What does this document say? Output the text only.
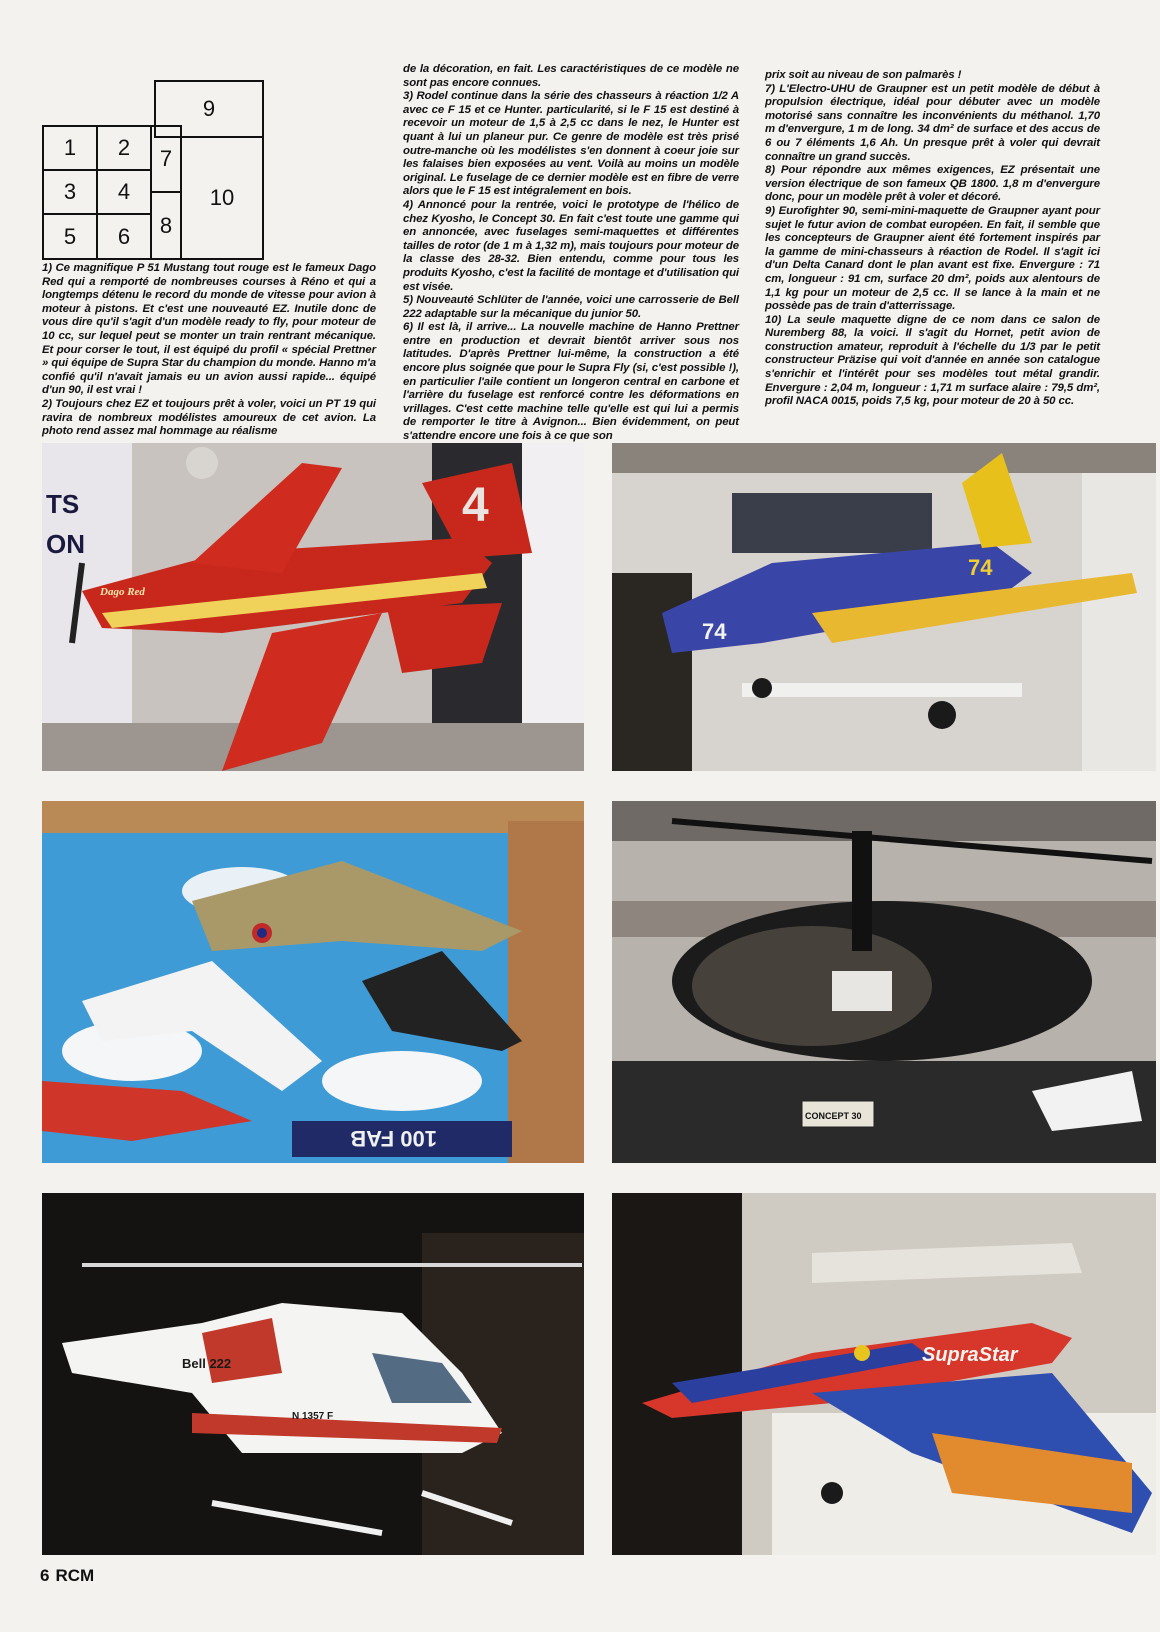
1	2
3	4
5	6
7
8
9
10

1) Ce magnifique P 51 Mustang tout rouge est le fameux Dago Red qui a remporté de nombreuses courses à Réno et qui a longtemps détenu le record du monde de vitesse pour avion à moteur à pistons. Et c'est une nouveauté EZ. Inutile donc de vous dire qu'il s'agit d'un modèle ready to fly, pour moteur de 10 cc, sur lequel peut se monter un train rentrant mécanique. Et pour corser le tout, il est équipé du profil « spécial Prettner » qui équipe de Supra Star du champion du monde. Hanno m'a confié qu'il n'avait jamais eu un avion aussi rapide... équipé d'un 90, il est vrai !

2) Toujours chez EZ et toujours prêt à voler, voici un PT 19 qui ravira de nombreux modélistes amoureux de cet avion. La photo rend assez mal hommage au réalisme

de la décoration, en fait. Les caractéristiques de ce modèle ne sont pas encore connues.

3) Rodel continue dans la série des chasseurs à réaction 1/2 A avec ce F 15 et ce Hunter. particularité, si le F 15 est destiné à recevoir un moteur de 1,5 à 2,5 cc dans le nez, le Hunter est quant à lui un planeur pur. Ce genre de modèle est très prisé outre-manche où les modélistes s'en donnent à coeur joie sur les falaises bien exposées au vent. Voilà au moins un modèle original. Le fuselage de ce dernier modèle est en fibre de verre alors que le F 15 est intégralement en bois.

4) Annoncé pour la rentrée, voici le prototype de l'hélico de chez Kyosho, le Concept 30. En fait c'est toute une gamme qui en annoncée, avec fuselages semi-maquettes et différentes tailles de rotor (de 1 m à 1,32 m), mais toujours pour moteur de la classe des 28-32. Bien entendu, comme pour tous les produits Kyosho, c'est la facilité de montage et d'utilisation qui est visée.

5) Nouveauté Schlüter de l'année, voici une carrosserie de Bell 222 adaptable sur la mécanique du junior 50.

6) Il est là, il arrive... La nouvelle machine de Hanno Prettner entre en production et devrait bientôt arriver sous nos latitudes. D'après Prettner lui-même, la construction a été encore plus soignée que pour le Supra Fly (si, c'est possible !), en particulier l'aile contient un longeron central en carbone et l'arrière du fuselage est renforcé contre les déformations en vrillages. C'est cette machine telle qu'elle est qui lui a permis de remporter le titre à Avignon... Bien évidemment, on peut s'attendre encore une fois à ce que son

prix soit au niveau de son palmarès !

7) L'Electro-UHU de Graupner est un petit modèle de début à propulsion électrique, idéal pour débuter avec un modèle motorisé sans connaître les inconvénients du méthanol. 1,70 m d'envergure, 1 m de long. 34 dm² de surface et des accus de 6 ou 7 éléments 1,6 Ah. Un presque prêt à voler qui devrait connaître un grand succès.

8) Pour répondre aux mêmes exigences, EZ présentait une version électrique de son fameux QB 1800. 1,8 m d'envergure donc, pour un modèle prêt à voler et décoré.

9) Eurofighter 90, semi-mini-maquette de Graupner ayant pour sujet le futur avion de combat européen. En fait, il semble que les concepteurs de Graupner aient été fortement inspirés par la gamme de mini-chasseurs à réaction de Rodel. Il s'agit ici d'un Delta Canard dont le plan avant est fixe. Envergure : 71 cm, longueur : 91 cm, surface 20 dm², poids aux alentours de 1,1 kg pour un moteur de 2,5 cc. Il se lance à la main et ne possède pas de train d'atterrissage.

10) La seule maquette digne de ce nom dans ce salon de Nuremberg 88, la voici. Il s'agit du Hornet, petit avion de construction amateur, reproduit à l'échelle du 1/3 par le petit constructeur Präzise qui voit d'année en année son catalogue s'enrichir et l'intérêt pour ses modèles tout métal grandir. Envergure : 2,04 m, longueur : 1,71 m surface alaire : 79,5 dm², profil NACA 0015, poids 7,5 kg, pour moteur de 20 à 50 cc.

TS
ON
4
Dago Red
74
74
100 FAB
CONCEPT 30
Bell 222
N 1357 F
SupraStar
6 RCM
